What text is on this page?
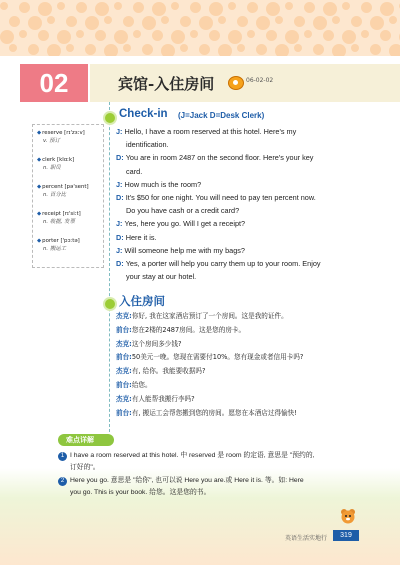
02	宾馆-入住房间	06-02-02
Check-in (J=Jack D=Desk Clerk)
J: Hello, I have a room reserved at this hotel. Here's my
identification.
D: You are in room 2487 on the second floor. Here's your key
card.
J: How much is the room?
D: It's $50 for one night. You will need to pay ten percent now.
Do you have cash or a credit card?
J: Yes, here you go. Will I get a receipt?
D: Here it is.
J: Will someone help me with my bags?
D: Yes, a porter will help you carry them up to your room. Enjoy
your stay at our hotel.
◆reserve [rɪ'zɜːv]
v. 预订
◆clerk [klɑːk]
n. 职员
◆percent [pə'sent]
n. 百分比
◆receipt [rɪ'siːt]
n. 收据, 发票
◆porter ['pɔːtə]
n. 搬运工
入住房间
杰克:你好, 我在这家酒店预订了一个房间。这是我的证件。
前台:您在2楼的2487房间。这是您的房卡。
杰克:这个房间多少钱?
前台:50美元一晚。您现在需要付10%。您有现金或者信用卡吗?
杰克:有, 给你。我能要收据吗?
前台:给您。
杰克:有人能帮我搬行李吗?
前台:有, 搬运工会帮您搬到您的房间。愿您在本酒店过得愉快!
难点详解
1 I have a room reserved at this hotel. 中 reserved 是 room 的定语, 意思是 "预约的,
订好的"。
2 Here you go. 意思是 "给你", 也可以说 Here you are.或 Here it is. 等。如: Here
you go. This is your book. 给您。这是您的书。
英语生活实地行	319
